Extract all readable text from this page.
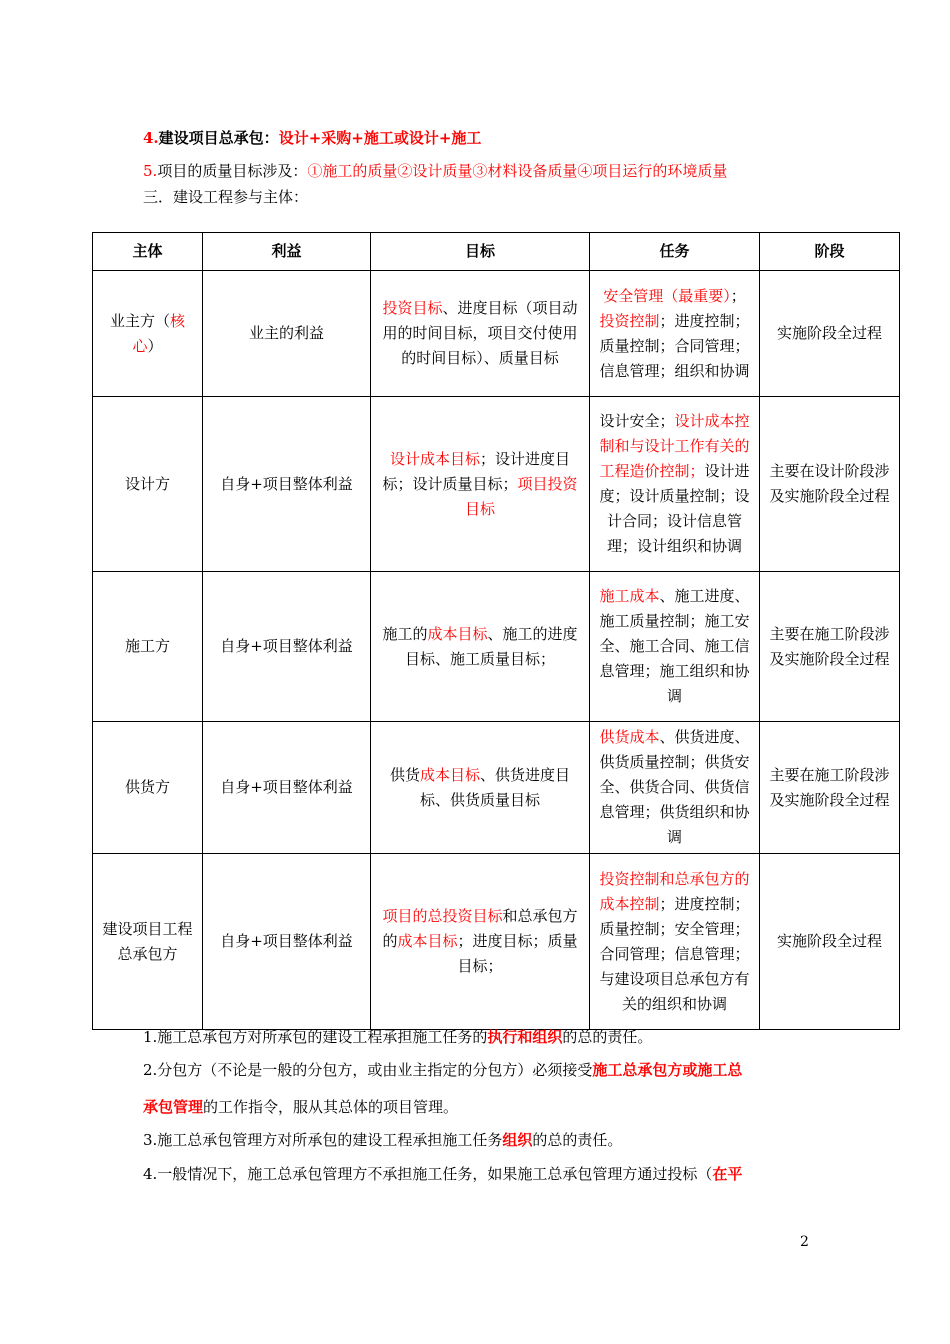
4.建设项目总承包：设计+采购+施工或设计+施工
5.项目的质量目标涉及：①施工的质量②设计质量③材料设备质量④项目运行的环境质量
三．建设工程参与主体：
主体	利益	目标	任务	阶段
业主方（核心）	业主的利益	投资目标、进度目标（项目动用的时间目标，项目交付使用的时间目标）、质量目标	安全管理（最重要）；投资控制；进度控制；质量控制；合同管理；信息管理；组织和协调	实施阶段全过程
设计方	自身+项目整体利益	设计成本目标；设计进度目标；设计质量目标；项目投资目标	设计安全；设计成本控制和与设计工作有关的工程造价控制；设计进度；设计质量控制；设计合同；设计信息管理；设计组织和协调	主要在设计阶段涉及实施阶段全过程
施工方	自身+项目整体利益	施工的成本目标、施工的进度目标、施工质量目标；	施工成本、施工进度、施工质量控制；施工安全、施工合同、施工信息管理；施工组织和协调	主要在施工阶段涉及实施阶段全过程
供货方	自身+项目整体利益	供货成本目标、供货进度目标、供货质量目标	供货成本、供货进度、供货质量控制；供货安全、供货合同、供货信息管理；供货组织和协调	主要在施工阶段涉及实施阶段全过程
建设项目工程总承包方	自身+项目整体利益	项目的总投资目标和总承包方的成本目标；进度目标；质量目标；	投资控制和总承包方的成本控制；进度控制；质量控制；安全管理；合同管理；信息管理；与建设项目总承包方有关的组织和协调	实施阶段全过程
1.施工总承包方对所承包的建设工程承担施工任务的执行和组织的总的责任。
2.分包方（不论是一般的分包方，或由业主指定的分包方）必须接受施工总承包方或施工总
承包管理的工作指令，服从其总体的项目管理。
3.施工总承包管理方对所承包的建设工程承担施工任务组织的总的责任。
4.一般情况下，施工总承包管理方不承担施工任务，如果施工总承包管理方通过投标（在平
2
